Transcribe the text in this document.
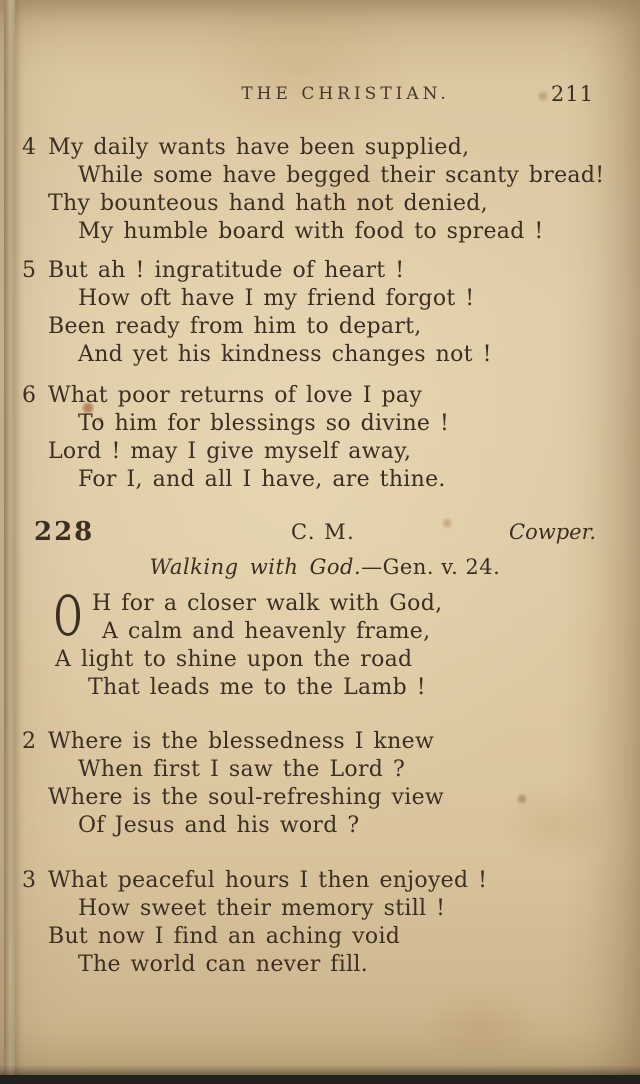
THE CHRISTIAN.	211
4 My daily wants have been supplied,
While some have begged their scanty bread!
Thy bounteous hand hath not denied,
My humble board with food to spread !
5 But ah ! ingratitude of heart !
How oft have I my friend forgot !
Been ready from him to depart,
And yet his kindness changes not !
6 What poor returns of love I pay
To him for blessings so divine !
Lord ! may I give myself away,
For I, and all I have, are thine.
228	C. M.	Cowper.
Walking with God.—Gen. v. 24.
O H for a closer walk with God,
A calm and heavenly frame,
A light to shine upon the road
That leads me to the Lamb !
2 Where is the blessedness I knew
When first I saw the Lord ?
Where is the soul-refreshing view
Of Jesus and his word ?
3 What peaceful hours I then enjoyed !
How sweet their memory still !
But now I find an aching void
The world can never fill.
